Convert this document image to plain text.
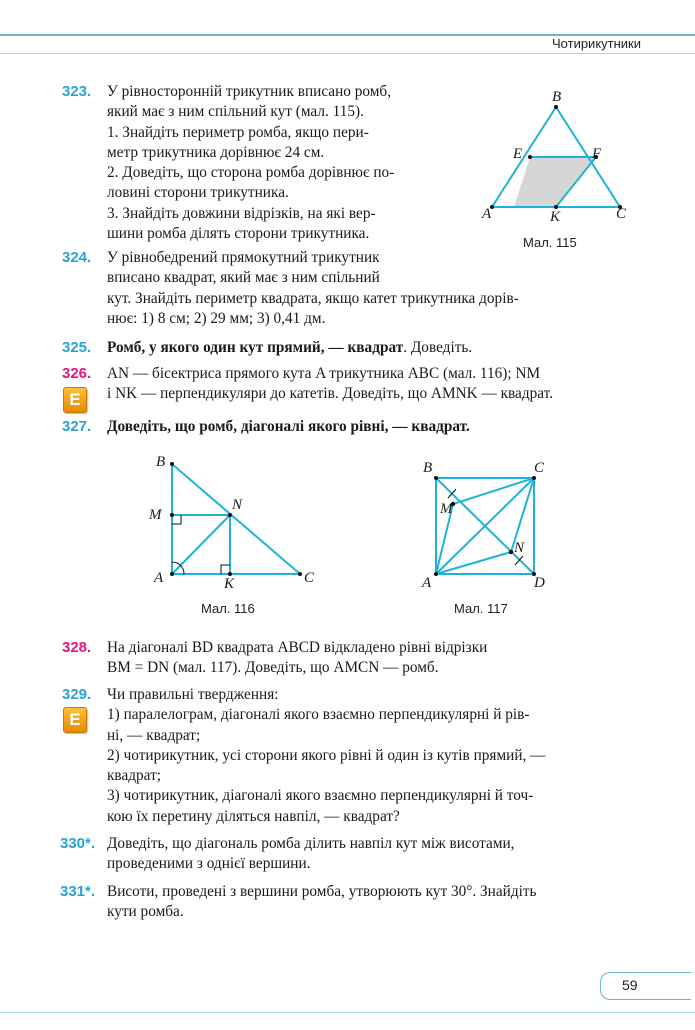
Чотирикутники
323. У рівносторонній трикутник вписано ромб,
який має з ним спільний кут (мал. 115).
1. Знайдіть периметр ромба, якщо пери-
метр трикутника дорівнює 24 см.
2. Доведіть, що сторона ромба дорівнює по-
ловині сторони трикутника.
3. Знайдіть довжини відрізків, на які вер-
шини ромба ділять сторони трикутника.
B
E	F
A	K	C
Мал. 115
324. У рівнобедрений прямокутний трикутник
вписано квадрат, який має з ним спільний
кут. Знайдіть периметр квадрата, якщо катет трикутника дорів-
нює: 1) 8 см; 2) 29 мм; 3) 0,41 дм.
325. Ромб, у якого один кут прямий, — квадрат. Доведіть.
326.
E
AN — бісектриса прямого кута A трикутника ABC (мал. 116); NM
і NK — перпендикуляри до катетів. Доведіть, що AMNK — квадрат.
327. Доведіть, що ромб, діагоналі якого рівні, — квадрат.
B
M
N
A	K	C
Мал. 116
B	C
M
N
A	D
Мал. 117
328. На діагоналі BD квадрата ABCD відкладено рівні відрізки
BM = DN (мал. 117). Доведіть, що AMCN — ромб.
329.
E
Чи правильні твердження:
1) паралелограм, діагоналі якого взаємно перпендикулярні й рів-
ні, — квадрат;
2) чотирикутник, усі сторони якого рівні й один із кутів прямий, —
квадрат;
3) чотирикутник, діагоналі якого взаємно перпендикулярні й точ-
кою їх перетину діляться навпіл, — квадрат?
330*. Доведіть, що діагональ ромба ділить навпіл кут між висотами,
проведеними з однієї вершини.
331*. Висоти, проведені з вершини ромба, утворюють кут 30°. Знайдіть
кути ромба.
59
